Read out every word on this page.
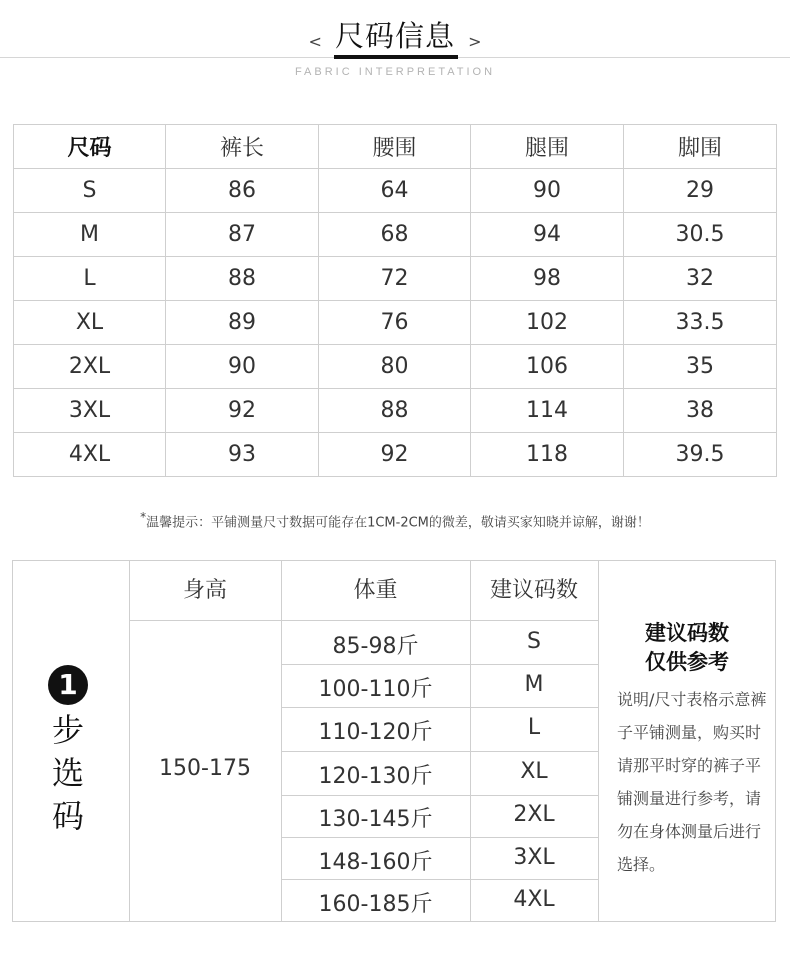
< 尺码信息 >
FABRIC INTERPRETATION
尺码	裤长	腰围	腿围	脚围
S	86	64	90	29
M	87	68	94	30.5
L	88	72	98	32
XL	89	76	102	33.5
2XL	90	80	106	35
3XL	92	88	114	38
4XL	93	92	118	39.5
*温馨提示：平铺测量尺寸数据可能存在1CM-2CM的微差，敬请买家知晓并谅解，谢谢！
身高	体重	建议码数
1
步选码
150-175
85-98斤	S
100-110斤	M
110-120斤	L
120-130斤	XL
130-145斤	2XL
148-160斤	3XL
160-185斤	4XL
建议码数
仅供参考
说明/尺寸表格示意裤子平铺测量，购买时请那平时穿的裤子平铺测量进行参考，请勿在身体测量后进行选择。
